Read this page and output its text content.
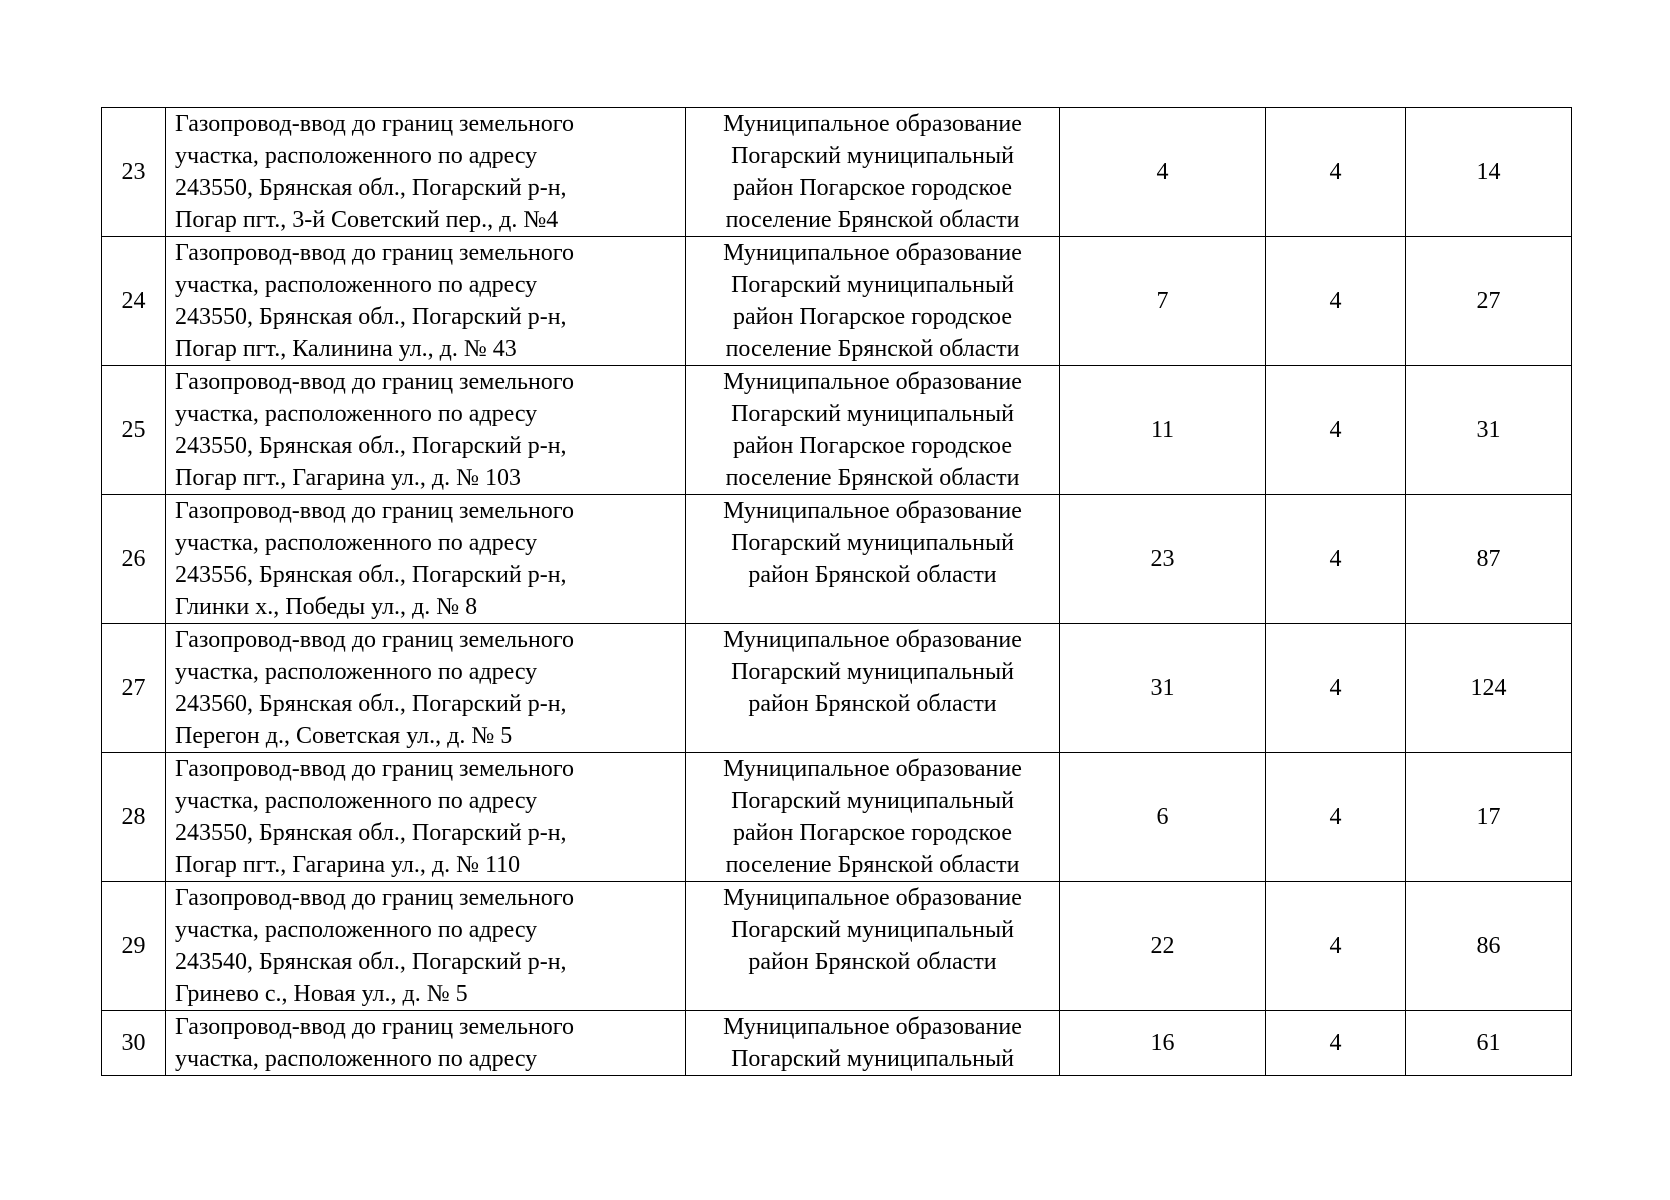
23	Газопровод-ввод до границ земельного
участка, расположенного по адресу
243550, Брянская обл., Погарский р-н,
Погар пгт., 3-й Советский пер., д. №4	Муниципальное образование
Погарский муниципальный
район Погарское городское
поселение Брянской области	4	4	14
24	Газопровод-ввод до границ земельного
участка, расположенного по адресу
243550, Брянская обл., Погарский р-н,
Погар пгт., Калинина ул., д. № 43	Муниципальное образование
Погарский муниципальный
район Погарское городское
поселение Брянской области	7	4	27
25	Газопровод-ввод до границ земельного
участка, расположенного по адресу
243550, Брянская обл., Погарский р-н,
Погар пгт., Гагарина ул., д. № 103	Муниципальное образование
Погарский муниципальный
район Погарское городское
поселение Брянской области	11	4	31
26	Газопровод-ввод до границ земельного
участка, расположенного по адресу
243556, Брянская обл., Погарский р-н,
Глинки х., Победы ул., д. № 8	Муниципальное образование
Погарский муниципальный
район Брянской области	23	4	87
27	Газопровод-ввод до границ земельного
участка, расположенного по адресу
243560, Брянская обл., Погарский р-н,
Перегон д., Советская ул., д. № 5	Муниципальное образование
Погарский муниципальный
район Брянской области	31	4	124
28	Газопровод-ввод до границ земельного
участка, расположенного по адресу
243550, Брянская обл., Погарский р-н,
Погар пгт., Гагарина ул., д. № 110	Муниципальное образование
Погарский муниципальный
район Погарское городское
поселение Брянской области	6	4	17
29	Газопровод-ввод до границ земельного
участка, расположенного по адресу
243540, Брянская обл., Погарский р-н,
Гринево с., Новая ул., д. № 5	Муниципальное образование
Погарский муниципальный
район Брянской области	22	4	86
30	Газопровод-ввод до границ земельного
участка, расположенного по адресу	Муниципальное образование
Погарский муниципальный	16	4	61
